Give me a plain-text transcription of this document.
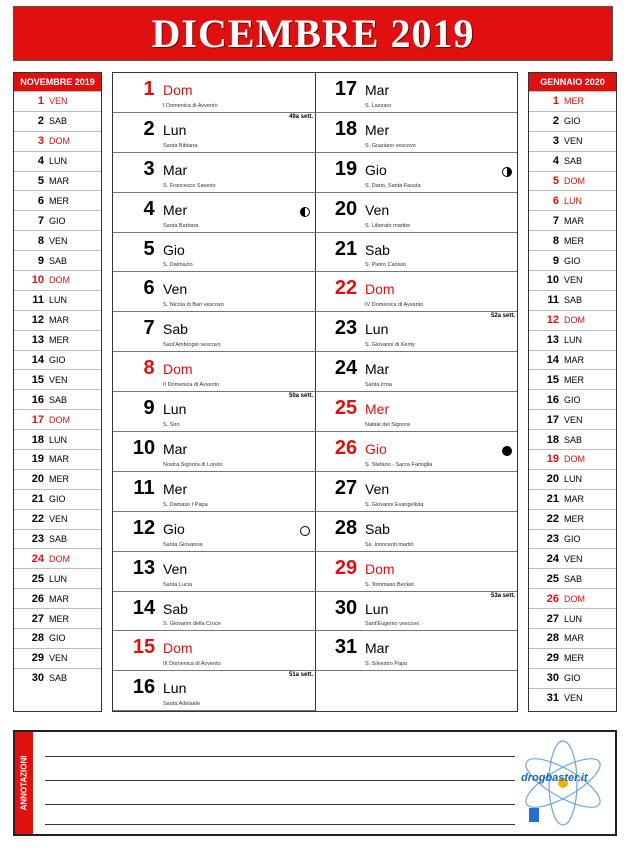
DICEMBRE 2019
NOVEMBRE 2019
1 VEN
2 SAB
3 DOM
4 LUN
5 MAR
6 MER
7 GIO
8 VEN
9 SAB
10 DOM
11 LUN
12 MAR
13 MER
14 GIO
15 VEN
16 SAB
17 DOM
18 LUN
19 MAR
20 MER
21 GIO
22 VEN
23 SAB
24 DOM
25 LUN
26 MAR
27 MER
28 GIO
29 VEN
30 SAB
1 Dom
I Domenica di Avvento
2 Lun
Santa Bibiana
49a sett.
3 Mar
S. Francesco Saverio
4 Mer
Santa Barbara
5 Gio
S. Dalmazio
6 Ven
S. Nicola di Bari vescovo
7 Sab
Sant'Ambrogio vescovo
8 Dom
II Domenica di Avvento
9 Lun
S. Siro
50a sett.
10 Mar
Nostra Signora di Loreto
11 Mer
S. Damaso I Papa
12 Gio
Santa Giovanna
13 Ven
Santa Lucia
14 Sab
S. Giovanni della Croce
15 Dom
III Domenica di Avvento
16 Lun
Santa Adelaide
51a sett.
17 Mar
S. Lazzaro
18 Mer
S. Graziano vescovo
19 Gio
S. Dario, Santa Fausta
20 Ven
S. Liberato martire
21 Sab
S. Pietro Canisio
22 Dom
IV Domenica di Avvento
23 Lun
S. Giovanni di Kenty
52a sett.
24 Mar
Santa Irma
25 Mer
Natale del Signore
26 Gio
S. Stefano - Sacra Famiglia
27 Ven
S. Giovanni Evangelista
28 Sab
Ss. Innocenti martiri
29 Dom
S. Tommaso Becket
30 Lun
Sant'Eugenio vescovo
53a sett.
31 Mar
S. Silvestro Papa
GENNAIO 2020
1 MER
2 GIO
3 VEN
4 SAB
5 DOM
6 LUN
7 MAR
8 MER
9 GIO
10 VEN
11 SAB
12 DOM
13 LUN
14 MAR
15 MER
16 GIO
17 VEN
18 SAB
19 DOM
20 LUN
21 MAR
22 MER
23 GIO
24 VEN
25 SAB
26 DOM
27 LUN
28 MAR
29 MER
30 GIO
31 VEN
ANNOTAZIONI	drogbaster.it
